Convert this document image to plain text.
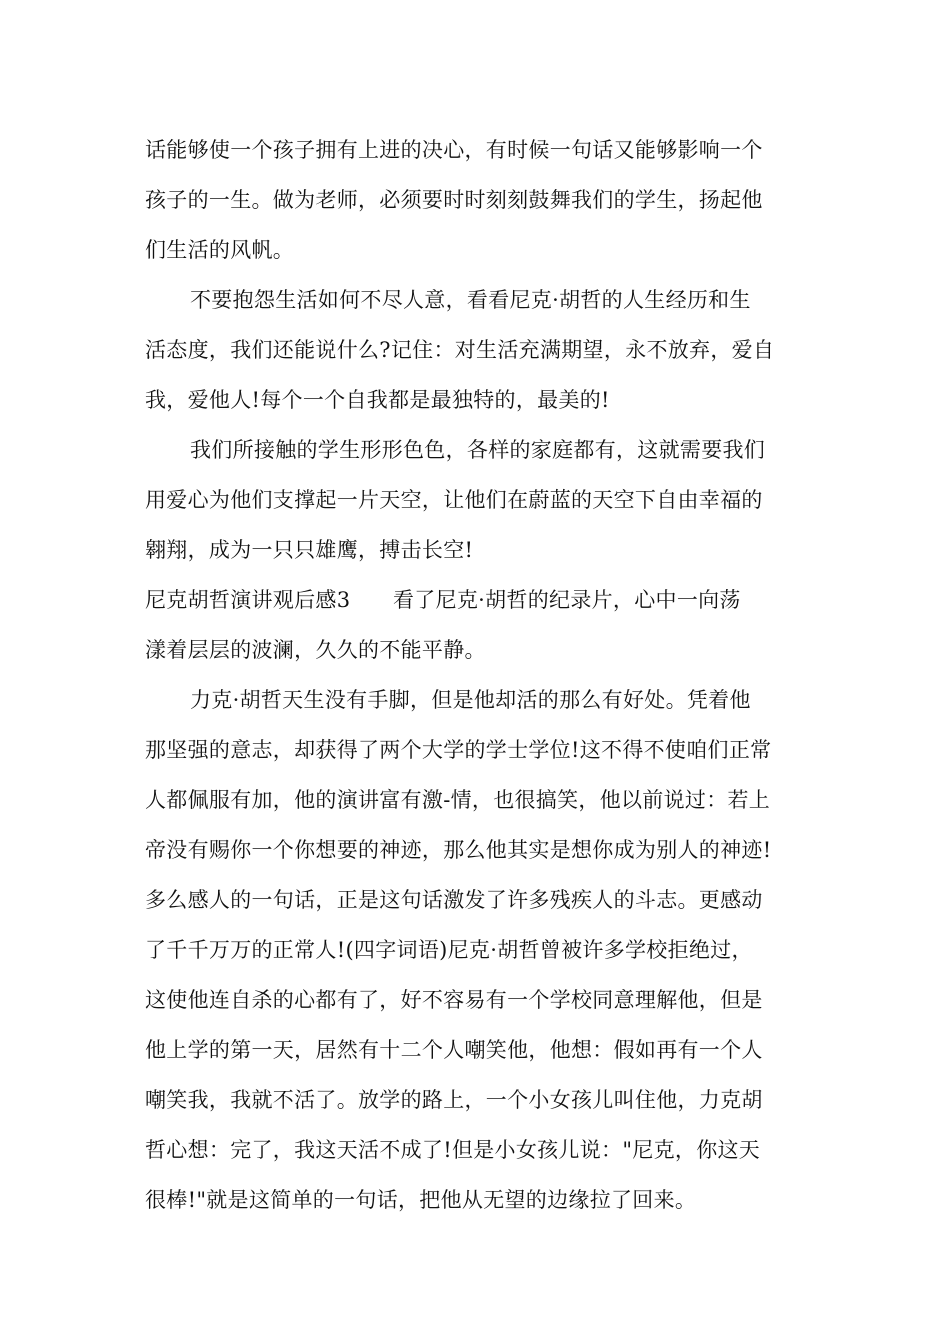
话能够使一个孩子拥有上进的决心，有时候一句话又能够影响一个
孩子的一生。做为老师，必须要时时刻刻鼓舞我们的学生，扬起他
们生活的风帆。
不要抱怨生活如何不尽人意，看看尼克·胡哲的人生经历和生
活态度，我们还能说什么?记住：对生活充满期望，永不放弃，爱自
我，爱他人!每个一个自我都是最独特的，最美的!
我们所接触的学生形形色色，各样的家庭都有，这就需要我们
用爱心为他们支撑起一片天空，让他们在蔚蓝的天空下自由幸福的
翱翔，成为一只只雄鹰，搏击长空!
尼克胡哲演讲观后感3　　看了尼克·胡哲的纪录片，心中一向荡
漾着层层的波澜，久久的不能平静。
力克·胡哲天生没有手脚，但是他却活的那么有好处。凭着他
那坚强的意志，却获得了两个大学的学士学位!这不得不使咱们正常
人都佩服有加，他的演讲富有激-情，也很搞笑，他以前说过：若上
帝没有赐你一个你想要的神迹，那么他其实是想你成为别人的神迹!
多么感人的一句话，正是这句话激发了许多残疾人的斗志。更感动
了千千万万的正常人!(四字词语)尼克·胡哲曾被许多学校拒绝过，
这使他连自杀的心都有了，好不容易有一个学校同意理解他，但是
他上学的第一天，居然有十二个人嘲笑他，他想：假如再有一个人
嘲笑我，我就不活了。放学的路上，一个小女孩儿叫住他，力克胡
哲心想：完了，我这天活不成了!但是小女孩儿说："尼克，你这天
很棒!"就是这简单的一句话，把他从无望的边缘拉了回来。
